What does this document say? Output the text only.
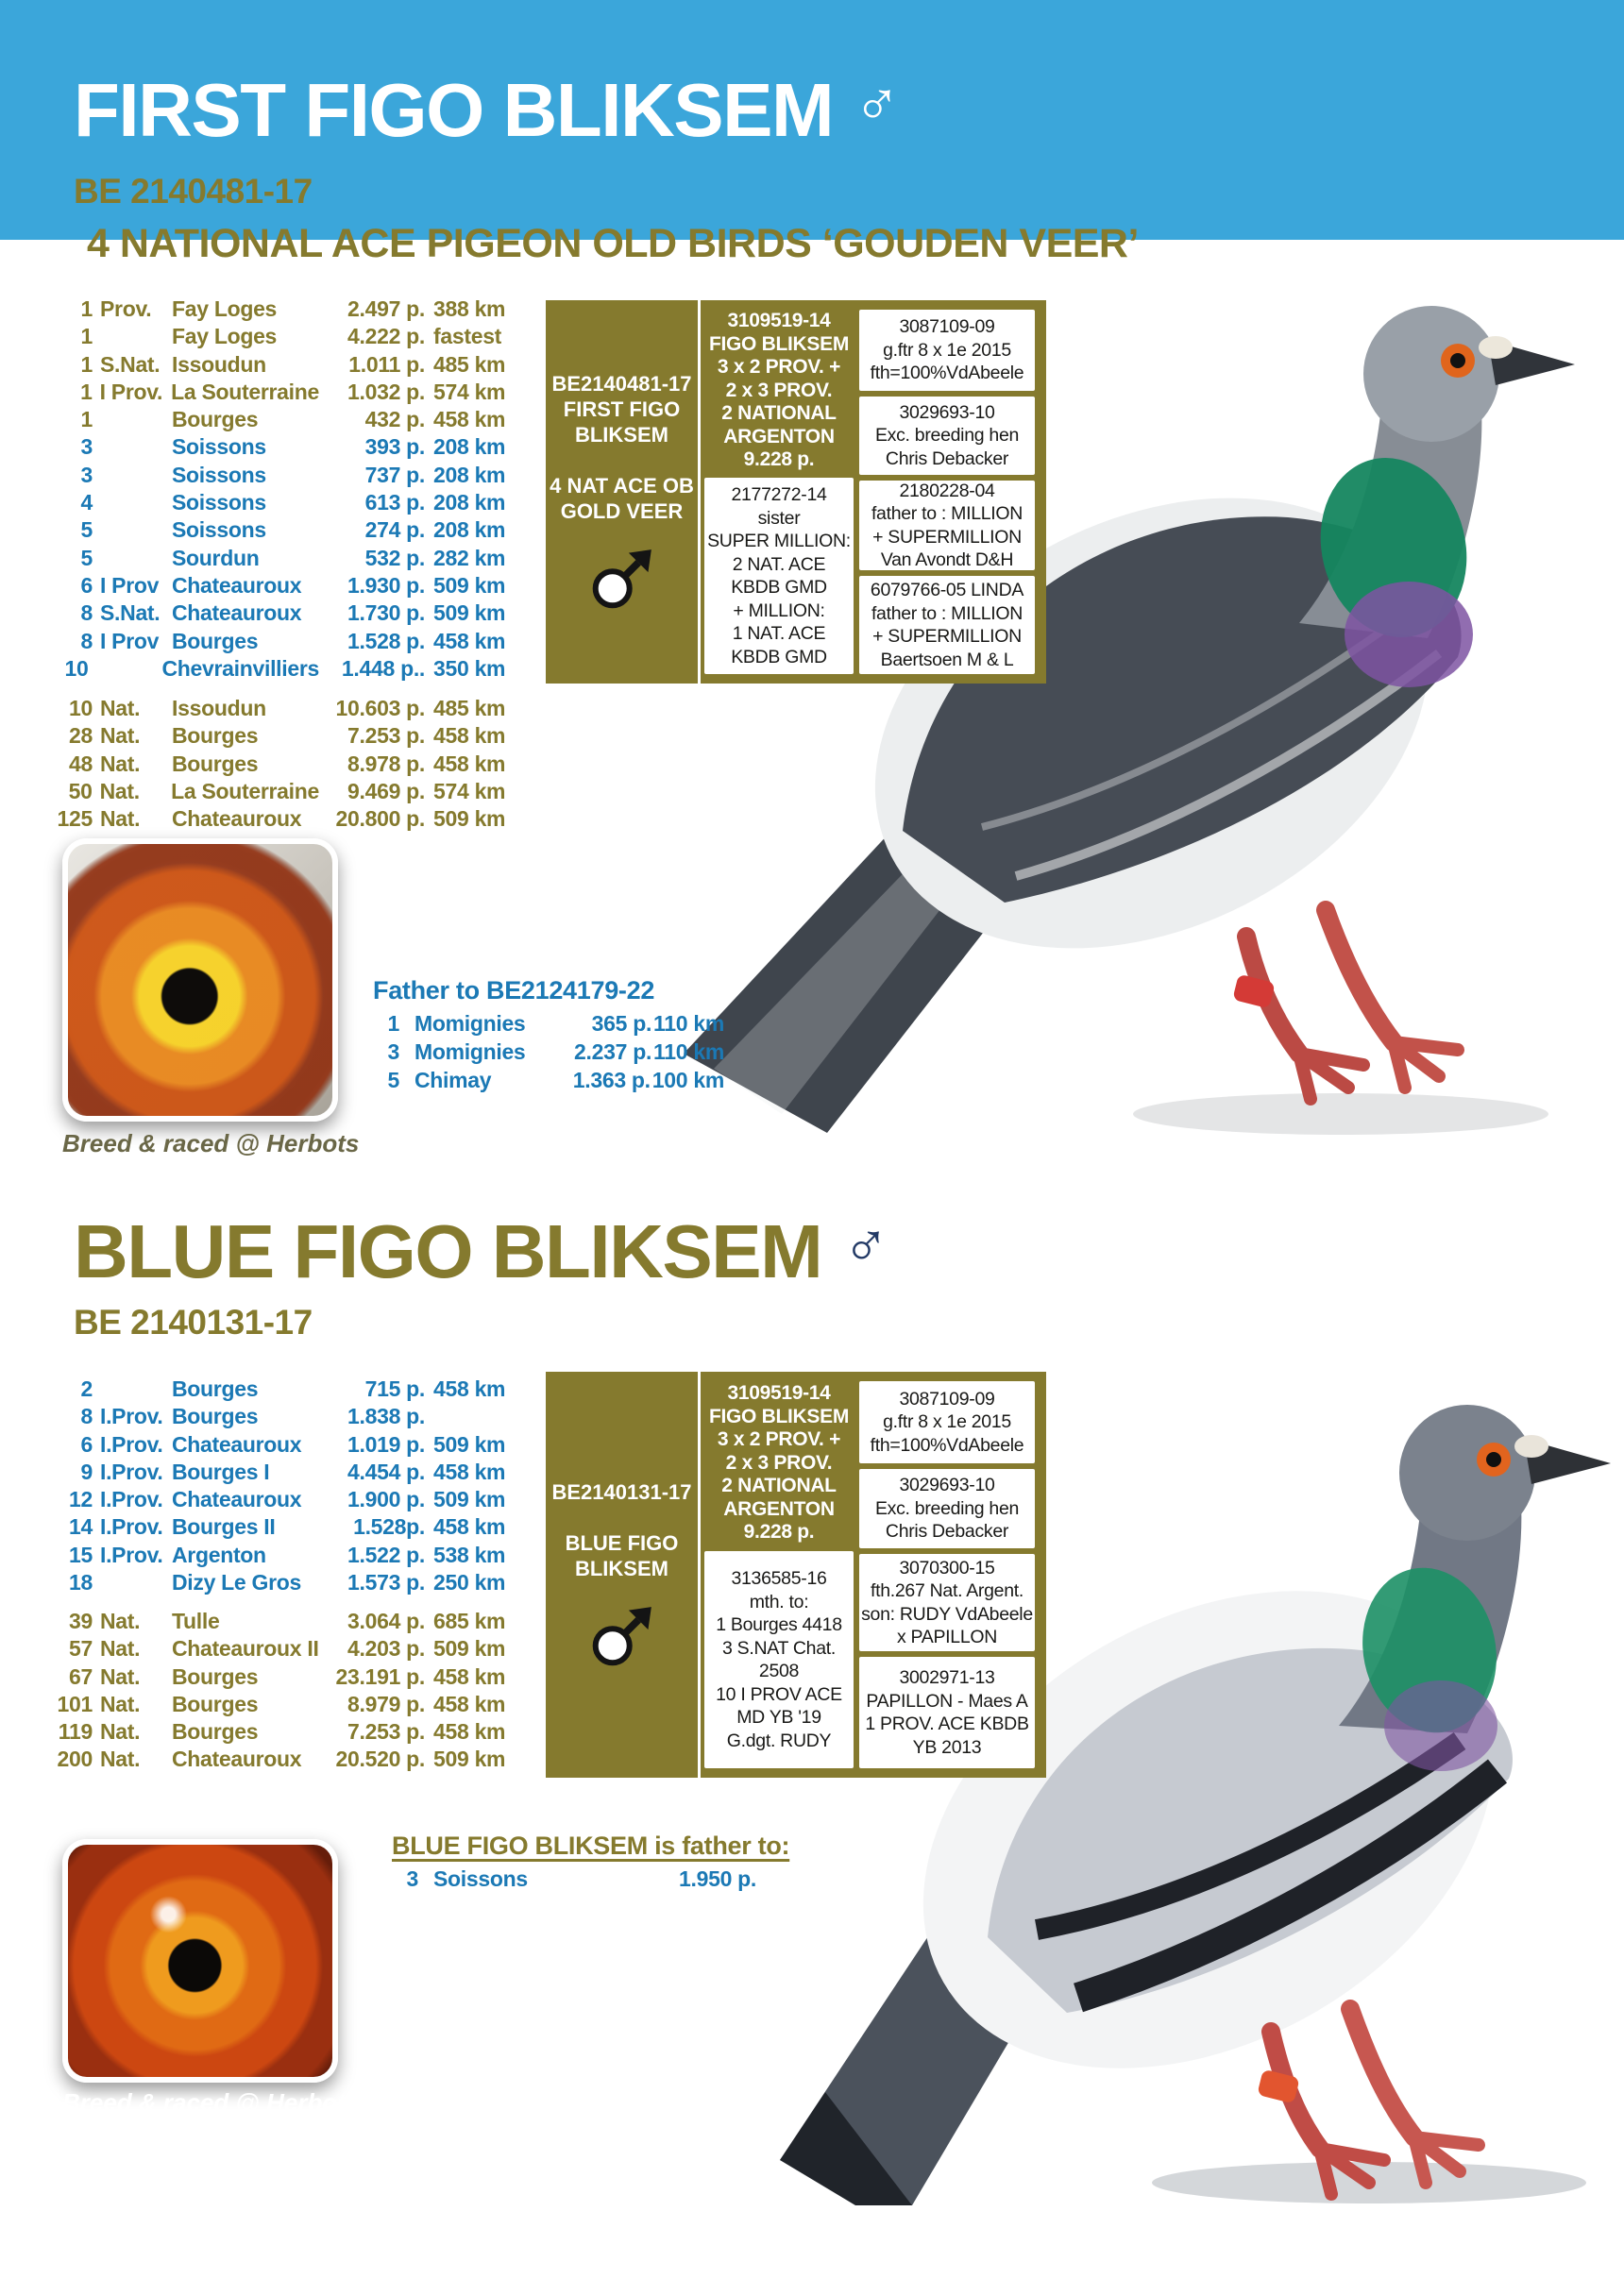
FIRST FIGO BLIKSEM ♂
BE 2140481-17
4 NATIONAL ACE PIGEON OLD BIRDS ‘GOUDEN VEER’
1 Prov. Fay Loges	2.497 p. 388 km
1	Fay Loges	4.222 p. fastest
1 S.Nat. Issoudun	1.011 p. 485 km
1 I Prov. La Souterraine	1.032 p. 574 km
1	Bourges	432 p. 458 km
3	Soissons	393 p. 208 km
3	Soissons	737 p. 208 km
4	Soissons	613 p. 208 km
5	Soissons	274 p. 208 km
5	Sourdun	532 p. 282 km
6 I Prov Chateauroux	1.930 p. 509 km
8 S.Nat. Chateauroux	1.730 p. 509 km
8 I Prov Bourges	1.528 p. 458 km
10	Chevrainvilliers	1.448 p.. 350 km
10 Nat.	Issoudun	10.603 p. 485 km
28 Nat.	Bourges	7.253 p. 458 km
48 Nat.	Bourges	8.978 p. 458 km
50 Nat.	La Souterraine	9.469 p. 574 km
125 Nat.	Chateauroux	20.800 p. 509 km
BE2140481-17
FIRST FIGO
BLIKSEM

4 NAT ACE OB
GOLD VEER
3109519-14
FIGO BLIKSEM
3 x 2 PROV. +
2 x 3 PROV.
2 NATIONAL
ARGENTON
9.228 p.
2177272-14
sister
SUPER MILLION:
2 NAT. ACE
KBDB GMD
+ MILLION:
1 NAT. ACE
KBDB GMD
3087109-09
g.ftr 8 x 1e 2015
fth=100%VdAbeele
3029693-10
Exc. breeding hen
Chris Debacker
2180228-04
father to : MILLION
+ SUPERMILLION
Van Avondt D&H
6079766-05 LINDA
father to : MILLION
+ SUPERMILLION
Baertsoen M & L
Father to BE2124179-22
1 Momignies	365 p. 110 km
3 Momignies	2.237 p. 110 km
5 Chimay	1.363 p. 100 km
Breed & raced @ Herbots
BLUE FIGO BLIKSEM ♂
BE 2140131-17
2	Bourges	715 p. 458 km
8 I.Prov. Bourges	1.838 p.
6 I.Prov. Chateauroux	1.019 p. 509 km
9 I.Prov. Bourges I	4.454 p. 458 km
12 I.Prov. Chateauroux	1.900 p. 509 km
14 I.Prov. Bourges II	1.528p. 458 km
15 I.Prov. Argenton	1.522 p. 538 km
18	Dizy Le Gros	1.573 p. 250 km
39 Nat.	Tulle	3.064 p. 685 km
57 Nat.	Chateauroux II	4.203 p. 509 km
67 Nat.	Bourges	23.191 p. 458 km
101 Nat.	Bourges	8.979 p. 458 km
119 Nat.	Bourges	7.253 p. 458 km
200 Nat.	Chateauroux	20.520 p. 509 km
BE2140131-17

BLUE FIGO
BLIKSEM
3109519-14
FIGO BLIKSEM
3 x 2 PROV. +
2 x 3 PROV.
2 NATIONAL
ARGENTON
9.228 p.
3136585-16
mth. to:
1 Bourges 4418
3 S.NAT Chat.
2508
10 I PROV ACE
MD YB '19
G.dgt. RUDY
3087109-09
g.ftr 8 x 1e 2015
fth=100%VdAbeele
3029693-10
Exc. breeding hen
Chris Debacker
3070300-15
fth.267 Nat. Argent.
son: RUDY VdAbeele
x PAPILLON
3002971-13
PAPILLON - Maes A
1 PROV. ACE KBDB
YB 2013
BLUE FIGO BLIKSEM is father to:
3 Soissons	1.950 p.
Breed & raced @ Herbots
37
